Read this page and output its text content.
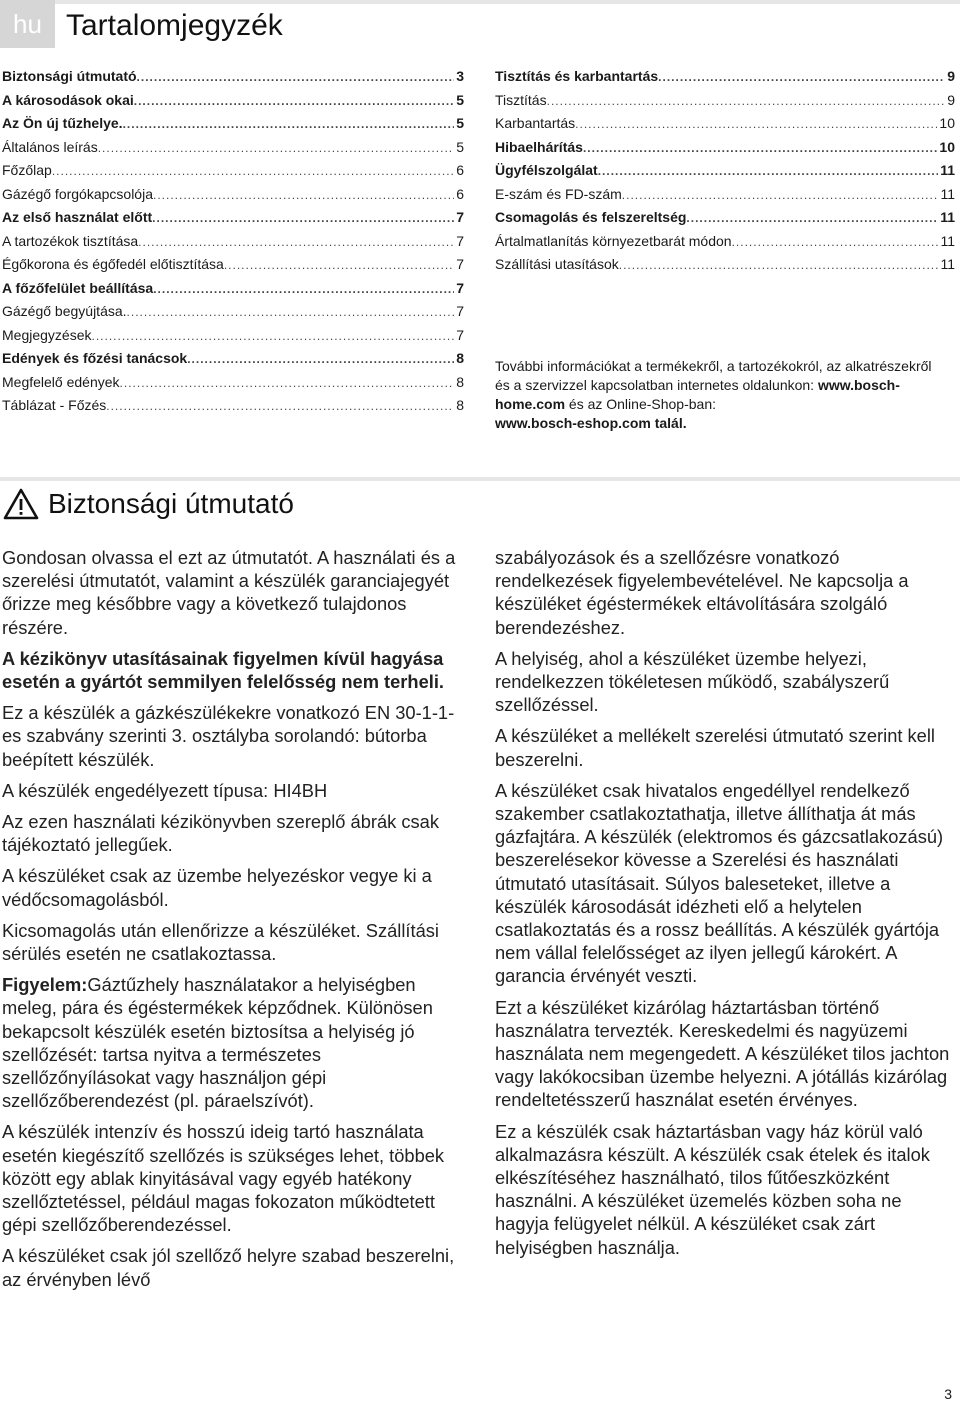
hu Tartalomjegyzék
Biztonsági útmutató .....	3
A károsodások okai .....	5
Az Ön új tűzhelye. .....	5
Általános leírás .....	5
Főzőlap .....	6
Gázégő forgókapcsolója .....	6
Az első használat előtt .....	7
A tartozékok tisztítása .....	7
Égőkorona és égőfedél előtisztítása .....	7
A főzőfelület beállítása .....	7
Gázégő begyújtása. .....	7
Megjegyzések .....	7
Edények és főzési tanácsok .....	8
Megfelelő edények .....	8
Táblázat - Főzés .....	8
Tisztítás és karbantartás .....	9
Tisztítás .....	9
Karbantartás .....	10
Hibaelhárítás .....	10
Ügyfélszolgálat .....	11
E-szám és FD-szám .....	11
Csomagolás és felszereltség .....	11
Ártalmatlanítás környezetbarát módon .....	11
Szállítási utasítások .....	11
További információkat a termékekről, a tartozékokról, az alkatrészekről és a szervizzel kapcsolatban internetes oldalunkon: www.bosch-home.com és az Online-Shop-ban:
www.bosch-eshop.com talál.
Biztonsági útmutató

Gondosan olvassa el ezt az útmutatót. A használati és a szerelési útmutatót, valamint a készülék garanciajegyét őrizze meg későbbre vagy a következő tulajdonos részére.

A kézikönyv utasításainak figyelmen kívül hagyása esetén a gyártót semmilyen felelősség nem terheli.

Ez a készülék a gázkészülékekre vonatkozó EN 30-1-1-es szabvány szerinti 3. osztályba sorolandó: bútorba beépített készülék.

A készülék engedélyezett típusa: HI4BH

Az ezen használati kézikönyvben szereplő ábrák csak tájékoztató jellegűek.

A készüléket csak az üzembe helyezéskor vegye ki a védőcsomagolásból.

Kicsomagolás után ellenőrizze a készüléket. Szállítási sérülés esetén ne csatlakoztassa.

Figyelem:Gáztűzhely használatakor a helyiségben meleg, pára és égéstermékek képződnek. Különösen bekapcsolt készülék esetén biztosítsa a helyiség jó szellőzését: tartsa nyitva a természetes szellőzőnyílásokat vagy használjon gépi szellőzőberendezést (pl. páraelszívót).

A készülék intenzív és hosszú ideig tartó használata esetén kiegészítő szellőzés is szükséges lehet, többek között egy ablak kinyitásával vagy egyéb hatékony szellőztetéssel, például magas fokozaton működtetett gépi szellőzőberendezéssel.

A készüléket csak jól szellőző helyre szabad beszerelni, az érvényben lévő

szabályozások és a szellőzésre vonatkozó rendelkezések figyelembevételével. Ne kapcsolja a készüléket égéstermékek eltávolítására szolgáló berendezéshez.

A helyiség, ahol a készüléket üzembe helyezi, rendelkezzen tökéletesen működő, szabályszerű szellőzéssel.

A készüléket a mellékelt szerelési útmutató szerint kell beszerelni.

A készüléket csak hivatalos engedéllyel rendelkező szakember csatlakoztathatja, illetve állíthatja át más gázfajtára. A készülék (elektromos és gázcsatlakozású) beszerelésekor kövesse a Szerelési és használati útmutató utasításait. Súlyos baleseteket, illetve a készülék károsodását idézheti elő a helytelen csatlakoztatás és a rossz beállítás. A készülék gyártója nem vállal felelősséget az ilyen jellegű károkért. A garancia érvényét veszti.

Ezt a készüléket kizárólag háztartásban történő használatra tervezték. Kereskedelmi és nagyüzemi használata nem megengedett. A készüléket tilos jachton vagy lakókocsiban üzembe helyezni. A jótállás kizárólag rendeltetésszerű használat esetén érvényes.

Ez a készülék csak háztartásban vagy ház körül való alkalmazásra készült. A készülék csak ételek és italok elkészítéséhez használható, tilos fűtőeszközként használni. A készüléket üzemelés közben soha ne hagyja felügyelet nélkül. A készüléket csak zárt helyiségben használja.

3
